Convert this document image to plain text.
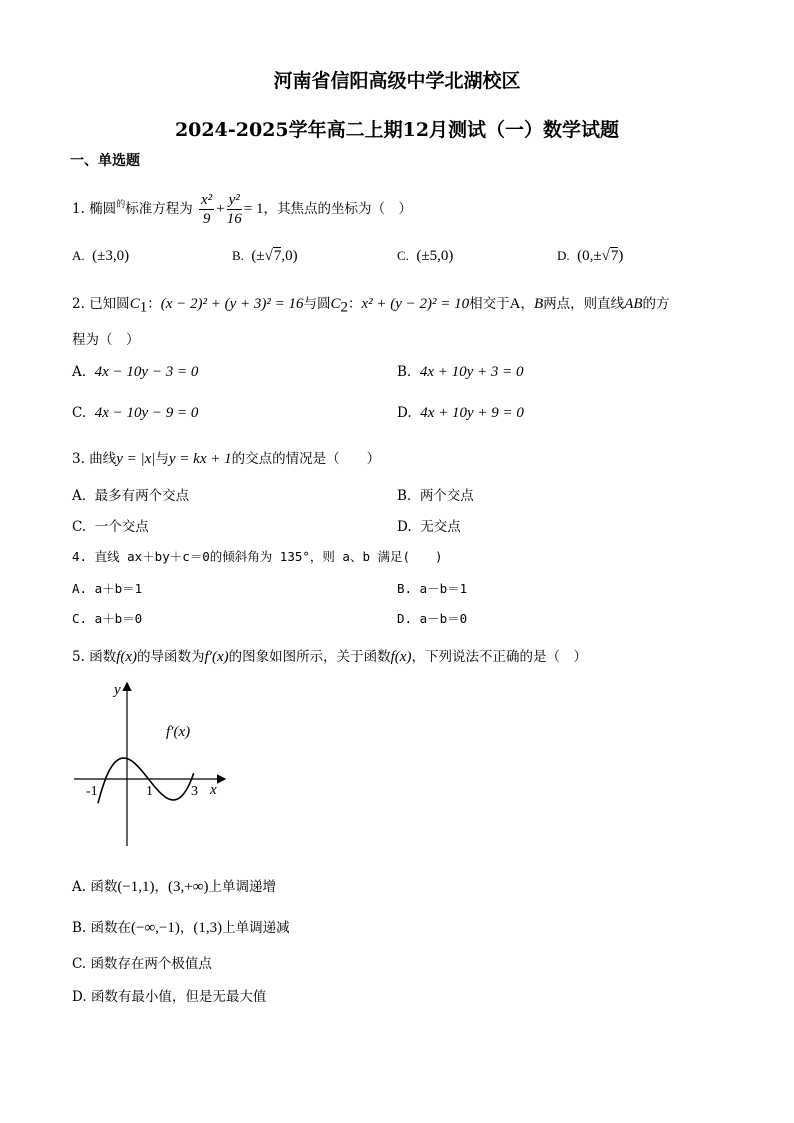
河南省信阳高级中学北湖校区
2024-2025学年高二上期12月测试（一）数学试题
一、单选题
1. 椭圆$^的$标准方程为 $\frac{\text{x²}}{9} + \frac{\text{y²}}{16} = 1$，其焦点的坐标为（　）
A. (±3,0)	B. (±√7,0)	C. (±5,0)	D. (0,±√7)
2. 已知圆$C_1$：(x − 2)² + (y + 3)² = 16与圆$C_2$：x² + (y − 2)² = 10相交于A，B两点，则直线AB的方
程为（　）
A. 4x − 10y − 3 = 0	B. 4x + 10y + 3 = 0
C. 4x − 10y − 9 = 0	D. 4x + 10y + 9 = 0
3. 曲线y = |x|与y = kx + 1的交点的情况是（　　）
A. 最多有两个交点	B. 两个交点
C. 一个交点	D. 无交点
4. 直线 ax＋by＋c＝0的倾斜角为 135°，则 a、b 满足(　　)
A. a＋b＝1	B. a－b＝1
C. a＋b＝0	D. a－b＝0
5. 函数f(x)的导函数为f′(x)的图象如图所示，关于函数f(x)，下列说法不正确的是（　）
y
x
f′(x)
-1	1	3
A. 函数(−1,1)，(3,+∞)上单调递增
B. 函数在(−∞,−1)，(1,3)上单调递减
C. 函数存在两个极值点
D. 函数有最小值，但是无最大值
